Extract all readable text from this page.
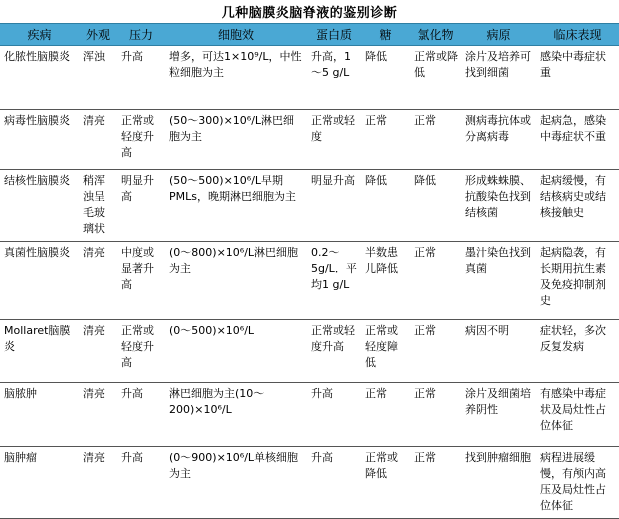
几种脑膜炎脑脊液的鉴别诊断
疾病	外观	压力	细胞效	蛋白质	糖	氯化物	病原	临床表现
化脓性脑膜炎	浑浊	升高	增多，可达1×10⁹/L，中性粒细胞为主	升高，1～5 g/L	降低	正常或降低	涂片及培养可找到细菌	感染中毒症状重
病毒性脑膜炎	清亮	正常或轻度升高	(50～300)×10⁶/L淋巴细胞为主	正常或轻度	正常	正常	测病毒抗体或分离病毒	起病急，感染中毒症状不重
结核性脑膜炎	稍浑浊呈毛玻璃状	明显升高	(50～500)×10⁶/L早期PMLs，晚期淋巴细胞为主	明显升高	降低	降低	形成蛛蛛膜、抗酸染色找到结核菌	起病缓慢，有结核病史或结核接触史
真菌性脑膜炎	清亮	中度或显著升高	(0～800)×10⁶/L淋巴细胞为主	0.2～5g/L．平均1 g/L	半数患儿降低	正常	墨汁染色找到真菌	起病隐袭，有长期用抗生素及免疫抑制剂史
Mollaret脑膜炎	清亮	正常或轻度升高	(0～500)×10⁶/L	正常或轻度升高	正常或轻度障低	正常	病因不明	症状轻，多次反复发病
脑脓肿	清亮	升高	淋巴细胞为主(10～200)×10⁶/L	升高	正常	正常	涂片及细菌培养阴性	有感染中毒症状及局灶性占位体征
脑肿瘤	清亮	升高	(0～900)×10⁶/L单核细胞为主	升高	正常或降低	正常	找到肿瘤细胞	病程进展缓慢，有颅内高压及局灶性占位体征
